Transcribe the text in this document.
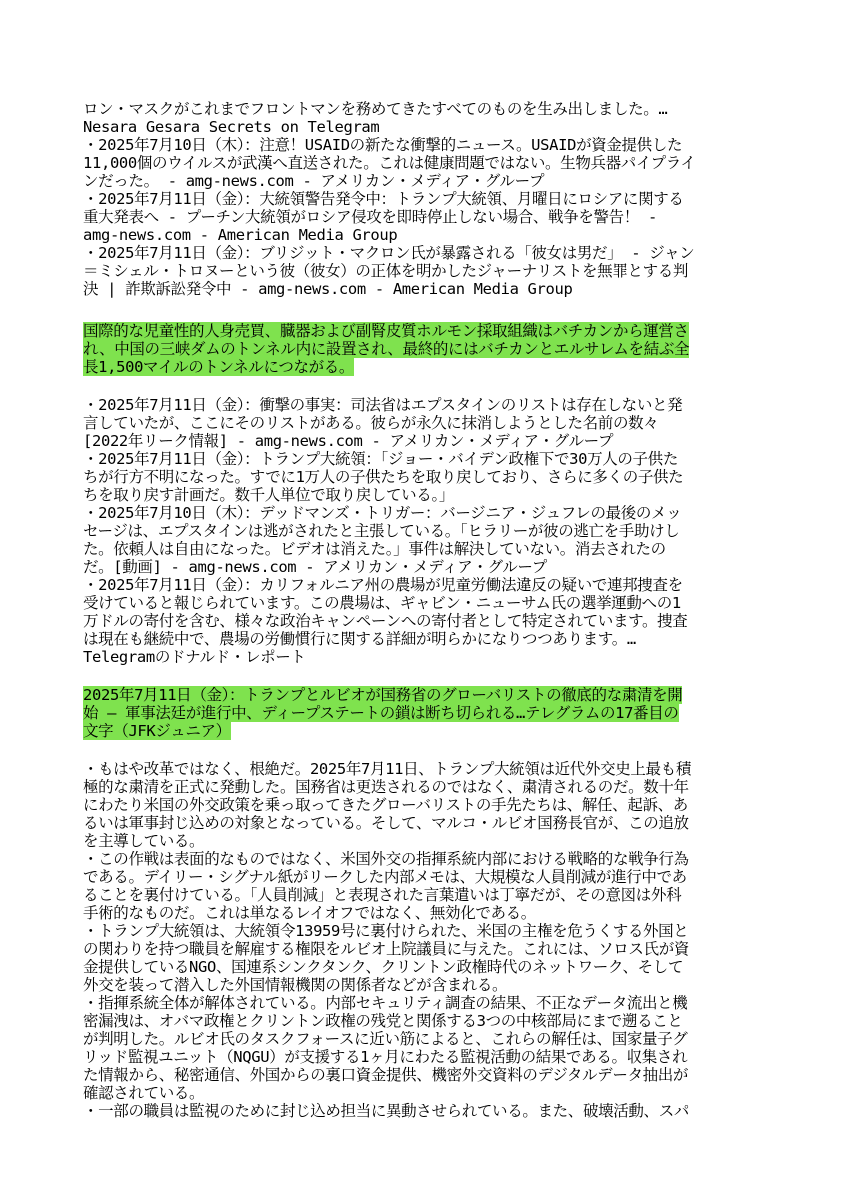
ロン・マスクがこれまでフロントマンを務めてきたすべてのものを生み出しました。…
Nesara Gesara Secrets on Telegram
・2025年7月10日（木）：注意！USAIDの新たな衝撃的ニュース。USAIDが資金提供した
11,000個のウイルスが武漢へ直送された。これは健康問題ではない。生物兵器パイプライ
ンだった。 - amg-news.com - アメリカン・メディア・グループ
・2025年7月11日（金）：大統領警告発令中：トランプ大統領、月曜日にロシアに関する
重大発表へ - プーチン大統領がロシア侵攻を即時停止しない場合、戦争を警告！ -
amg-news.com - American Media Group
・2025年7月11日（金）：ブリジット・マクロン氏が暴露される「彼女は男だ」 - ジャン
＝ミシェル・トロヌーという彼（彼女）の正体を明かしたジャーナリストを無罪とする判
決 | 詐欺訴訟発令中 - amg-news.com - American Media Group
国際的な児童性的人身売買、臓器および副腎皮質ホルモン採取組織はバチカンから運営さ
れ、中国の三峡ダムのトンネル内に設置され、最終的にはバチカンとエルサレムを結ぶ全
長1,500マイルのトンネルにつながる。
・2025年7月11日（金）：衝撃の事実：司法省はエプスタインのリストは存在しないと発
言していたが、ここにそのリストがある。彼らが永久に抹消しようとした名前の数々
[2022年リーク情報] - amg-news.com - アメリカン・メディア・グループ
・2025年7月11日（金）：トランプ大統領：「ジョー・バイデン政権下で30万人の子供た
ちが行方不明になった。すでに1万人の子供たちを取り戻しており、さらに多くの子供た
ちを取り戻す計画だ。数千人単位で取り戻している。」
・2025年7月10日（木）：デッドマンズ・トリガー：バージニア・ジュフレの最後のメッ
セージは、エプスタインは逃がされたと主張している。「ヒラリーが彼の逃亡を手助けし
た。依頼人は自由になった。ビデオは消えた。」事件は解決していない。消去されたの
だ。[動画] - amg-news.com - アメリカン・メディア・グループ
・2025年7月11日（金）：カリフォルニア州の農場が児童労働法違反の疑いで連邦捜査を
受けていると報じられています。この農場は、ギャビン・ニューサム氏の選挙運動への1
万ドルの寄付を含む、様々な政治キャンペーンへの寄付者として特定されています。捜査
は現在も継続中で、農場の労働慣行に関する詳細が明らかになりつつあります。…
Telegramのドナルド・レポート
2025年7月11日（金）：トランプとルビオが国務省のグローバリストの徹底的な粛清を開
始 — 軍事法廷が進行中、ディープステートの鎖は断ち切られる…テレグラムの17番目の
文字（JFKジュニア）
・もはや改革ではなく、根絶だ。2025年7月11日、トランプ大統領は近代外交史上最も積
極的な粛清を正式に発動した。国務省は更迭されるのではなく、粛清されるのだ。数十年
にわたり米国の外交政策を乗っ取ってきたグローバリストの手先たちは、解任、起訴、あ
るいは軍事封じ込めの対象となっている。そして、マルコ・ルビオ国務長官が、この追放
を主導している。
・この作戦は表面的なものではなく、米国外交の指揮系統内部における戦略的な戦争行為
である。デイリー・シグナル紙がリークした内部メモは、大規模な人員削減が進行中であ
ることを裏付けている。「人員削減」と表現された言葉遣いは丁寧だが、その意図は外科
手術的なものだ。これは単なるレイオフではなく、無効化である。
・トランプ大統領は、大統領令13959号に裏付けられた、米国の主権を危うくする外国と
の関わりを持つ職員を解雇する権限をルビオ上院議員に与えた。これには、ソロス氏が資
金提供しているNGO、国連系シンクタンク、クリントン政権時代のネットワーク、そして
外交を装って潜入した外国情報機関の関係者などが含まれる。
・指揮系統全体が解体されている。内部セキュリティ調査の結果、不正なデータ流出と機
密漏洩は、オバマ政権とクリントン政権の残党と関係する3つの中核部局にまで遡ること
が判明した。ルビオ氏のタスクフォースに近い筋によると、これらの解任は、国家量子グ
リッド監視ユニット（NQGU）が支援する1ヶ月にわたる監視活動の結果である。収集され
た情報から、秘密通信、外国からの裏口資金提供、機密外交資料のデジタルデータ抽出が
確認されている。
・一部の職員は監視のために封じ込め担当に異動させられている。また、破壊活動、スパ
